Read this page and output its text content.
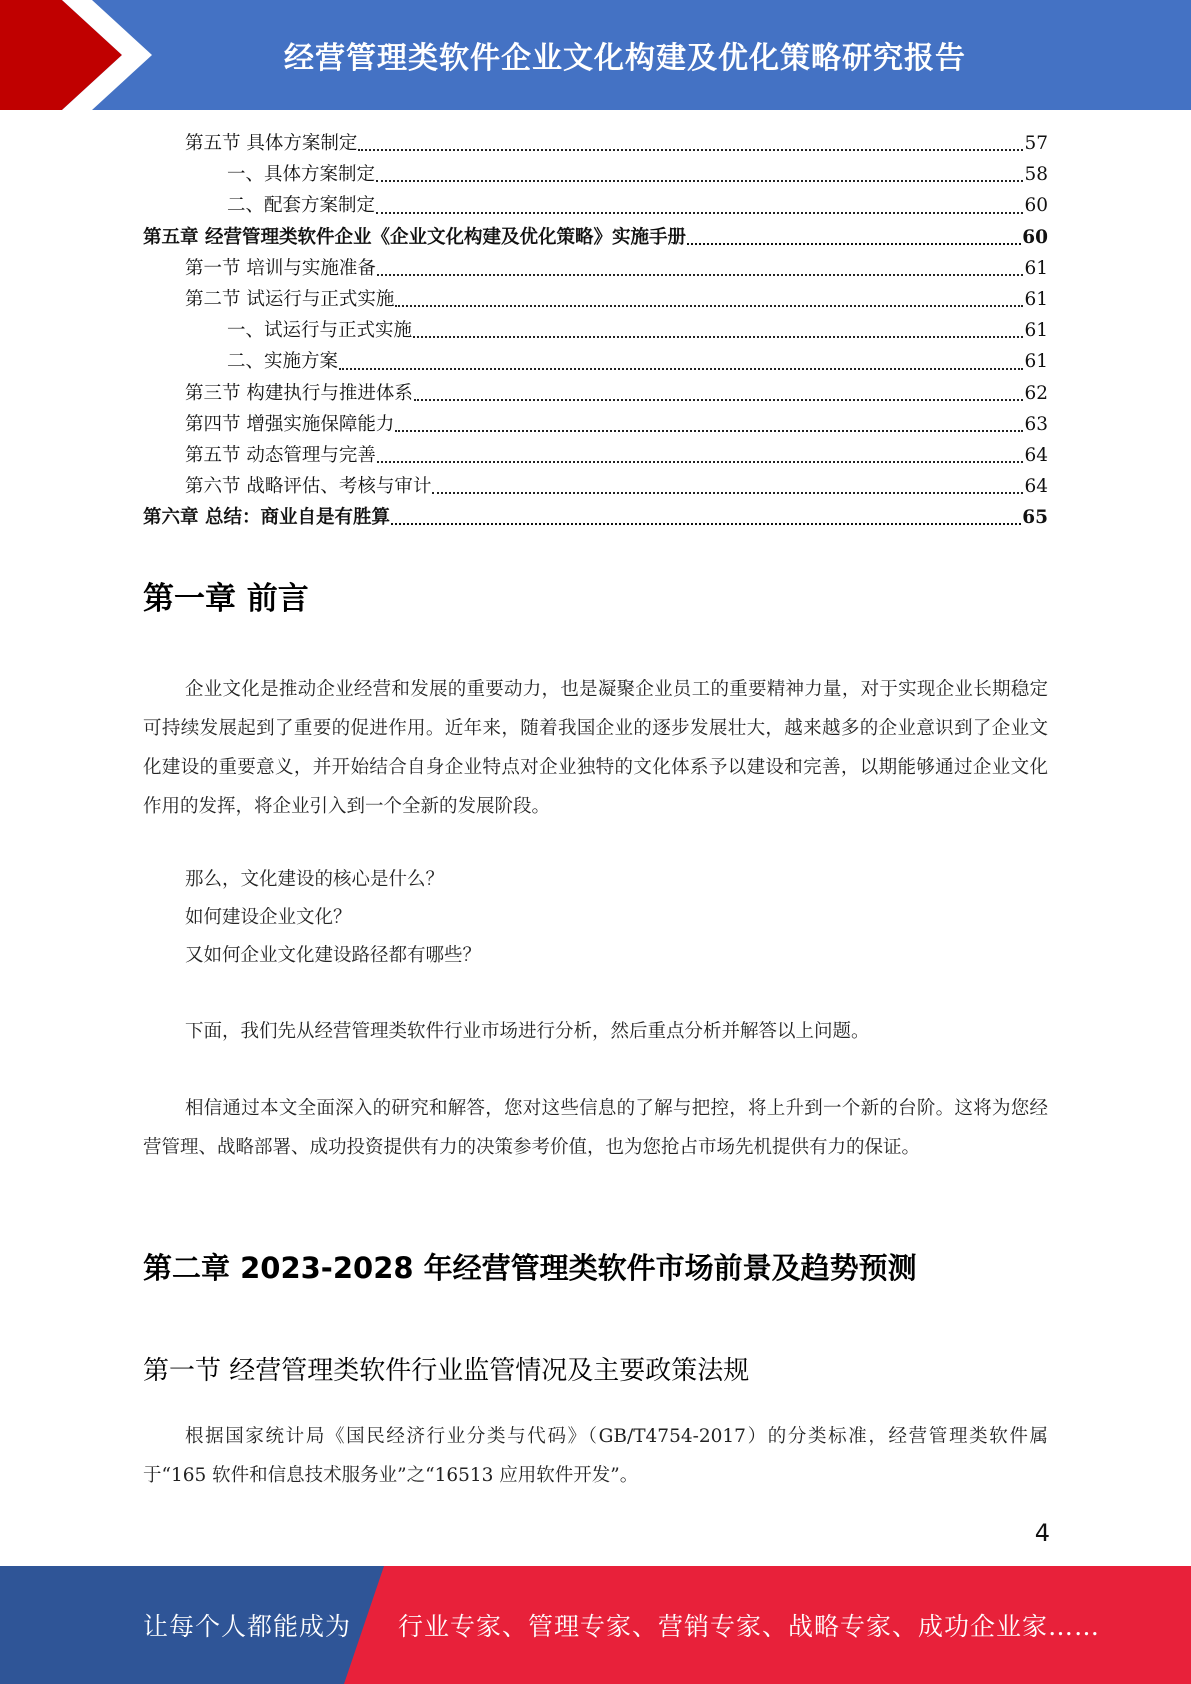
经营管理类软件企业文化构建及优化策略研究报告
第五节 具体方案制定	57
一、具体方案制定	58
二、配套方案制定	60
第五章 经营管理类软件企业《企业文化构建及优化策略》实施手册	60
第一节 培训与实施准备	61
第二节 试运行与正式实施	61
一、试运行与正式实施	61
二、实施方案	61
第三节 构建执行与推进体系	62
第四节 增强实施保障能力	63
第五节 动态管理与完善	64
第六节 战略评估、考核与审计	64
第六章 总结：商业自是有胜算	65
第一章 前言
企业文化是推动企业经营和发展的重要动力，也是凝聚企业员工的重要精神力量，对于实现企业长期稳定可持续发展起到了重要的促进作用。近年来，随着我国企业的逐步发展壮大，越来越多的企业意识到了企业文化建设的重要意义，并开始结合自身企业特点对企业独特的文化体系予以建设和完善，以期能够通过企业文化作用的发挥，将企业引入到一个全新的发展阶段。
那么，文化建设的核心是什么？
如何建设企业文化？
又如何企业文化建设路径都有哪些？
下面，我们先从经营管理类软件行业市场进行分析，然后重点分析并解答以上问题。
相信通过本文全面深入的研究和解答，您对这些信息的了解与把控，将上升到一个新的台阶。这将为您经营管理、战略部署、成功投资提供有力的决策参考价值，也为您抢占市场先机提供有力的保证。
第二章 2023-2028 年经营管理类软件市场前景及趋势预测
第一节 经营管理类软件行业监管情况及主要政策法规
根据国家统计局《国民经济行业分类与代码》（GB/T4754-2017）的分类标准，经营管理类软件属于“165 软件和信息技术服务业”之“16513 应用软件开发”。
4
让每个人都能成为 行业专家、管理专家、营销专家、战略专家、成功企业家……
